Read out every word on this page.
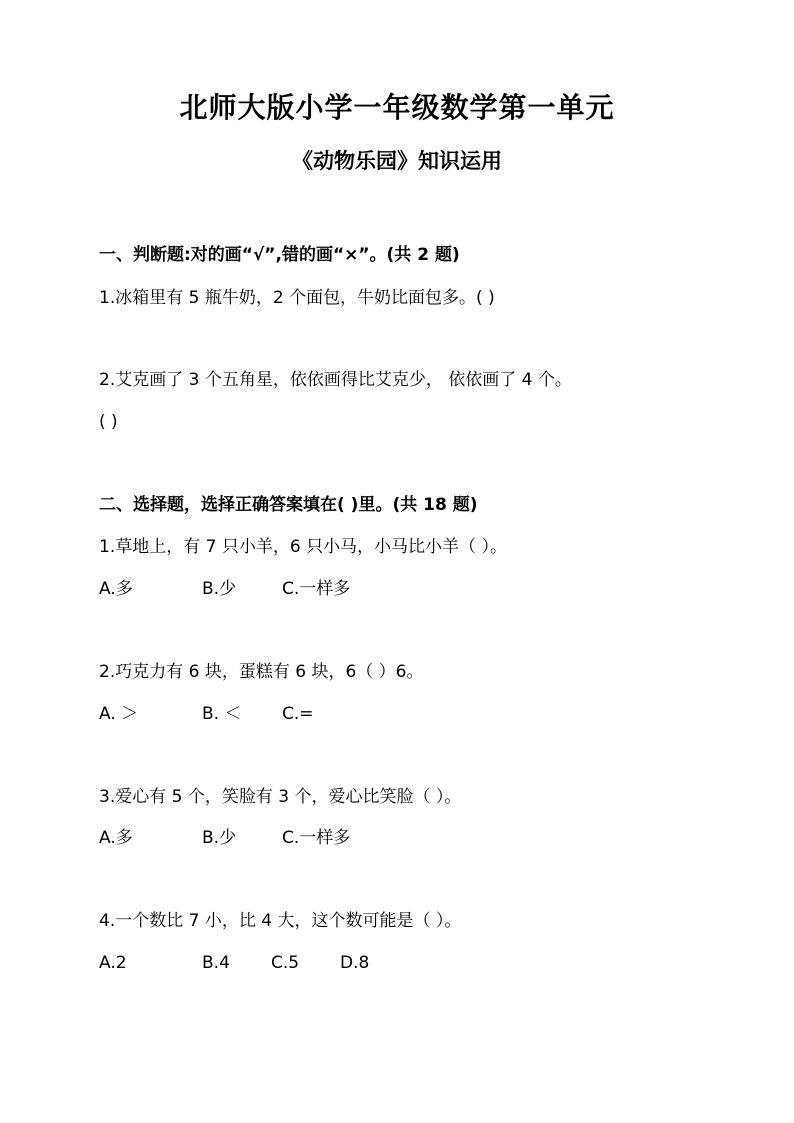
北师大版小学一年级数学第一单元
《动物乐园》知识运用
一、判断题:对的画“√”,错的画“×”。(共 2 题)
1.冰箱里有 5 瓶牛奶，2 个面包，牛奶比面包多。( )
2.艾克画了 3 个五角星，依依画得比艾克少， 依依画了 4 个。
( )
二、选择题，选择正确答案填在( )里。(共 18 题)
1.草地上，有 7 只小羊，6 只小马，小马比小羊（ ）。
A.多	B.少	C.一样多
2.巧克力有 6 块，蛋糕有 6 块，6（ ）6。
A. ＞	B. ＜ C.=
3.爱心有 5 个，笑脸有 3 个，爱心比笑脸（ ）。
A.多	B.少	C.一样多
4.一个数比 7 小，比 4 大，这个数可能是（ ）。
A.2	B.4 C.5 D.8
